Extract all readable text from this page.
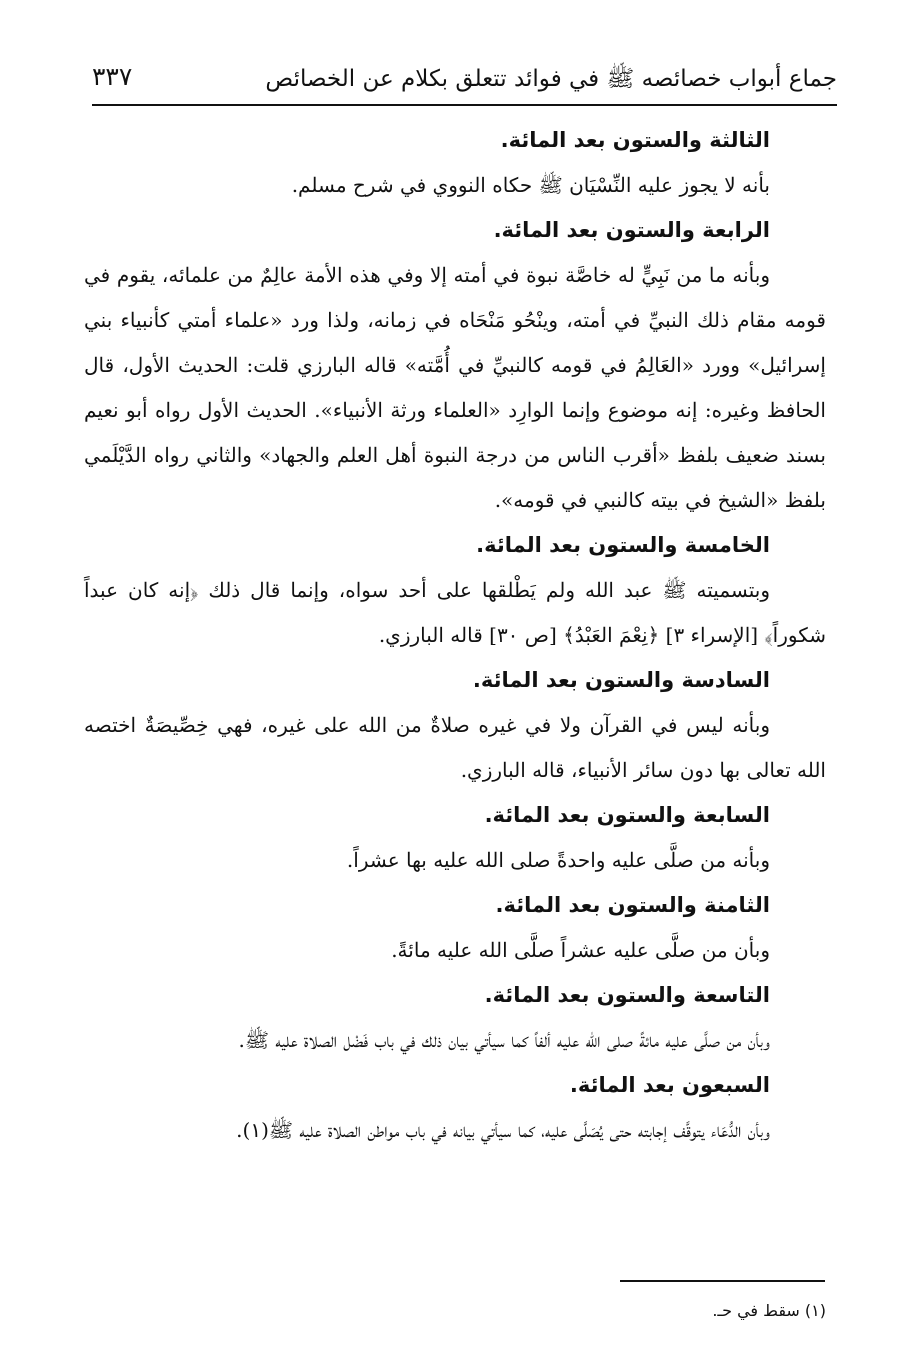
جماع أبواب خصائصه ﷺ في فوائد تتعلق بكلام عن الخصائص
٣٣٧

الثالثة والستون بعد المائة.

بأنه لا يجوز عليه النِّسْيَان ﷺ حكاه النووي في شرح مسلم.

الرابعة والستون بعد المائة.

وبأنه ما من نَبِيٍّ له خاصَّة نبوة في أمته إلا وفي هذه الأمة عالِمٌ من علمائه، يقوم في قومه مقام ذلك النبيِّ في أمته، وينْحُو مَنْحَاه في زمانه، ولذا ورد «علماء أمتي كأنبياء بني إسرائيل» وورد «العَالِمُ في قومه كالنبيِّ في أُمَّته» قاله البارزي قلت: الحديث الأول، قال الحافظ وغيره: إنه موضوع وإنما الوارِد «العلماء ورثة الأنبياء». الحديث الأول رواه أبو نعيم بسند ضعيف بلفظ «أقرب الناس من درجة النبوة أهل العلم والجهاد» والثاني رواه الدَّيْلَمي بلفظ «الشيخ في بيته كالنبي في قومه».

الخامسة والستون بعد المائة.

وبتسميته ﷺ عبد الله ولم يَطْلقها على أحد سواه، وإنما قال ذلك ﴿إنه كان عبداً شكوراً﴾ [الإسراء ٣] ﴿نِعْمَ العَبْدُ﴾ [ص ٣٠] قاله البارزي.

السادسة والستون بعد المائة.

وبأنه ليس في القرآن ولا في غيره صلاةٌ من الله على غيره، فهي خِصِّيصَةٌ اختصه الله تعالى بها دون سائر الأنبياء، قاله البارزي.

السابعة والستون بعد المائة.

وبأنه من صلَّى عليه واحدةً صلى الله عليه بها عشراً.

الثامنة والستون بعد المائة.

وبأن من صلَّى عليه عشراً صلَّى الله عليه مائةً.

التاسعة والستون بعد المائة.

وبأن من صلَّى عليه مائةً صلى الله عليه ألفاً كما سيأتي بيان ذلك في باب فَضْل الصلاة عليه ﷺ.

السبعون بعد المائة.

وبأن الدُّعَاء يتوقَّف إجابته حتى يُصَلَّى عليه، كما سيأتي بيانه في باب مواطن الصلاة عليه ﷺ(١).

(١) سقط في حـ.
